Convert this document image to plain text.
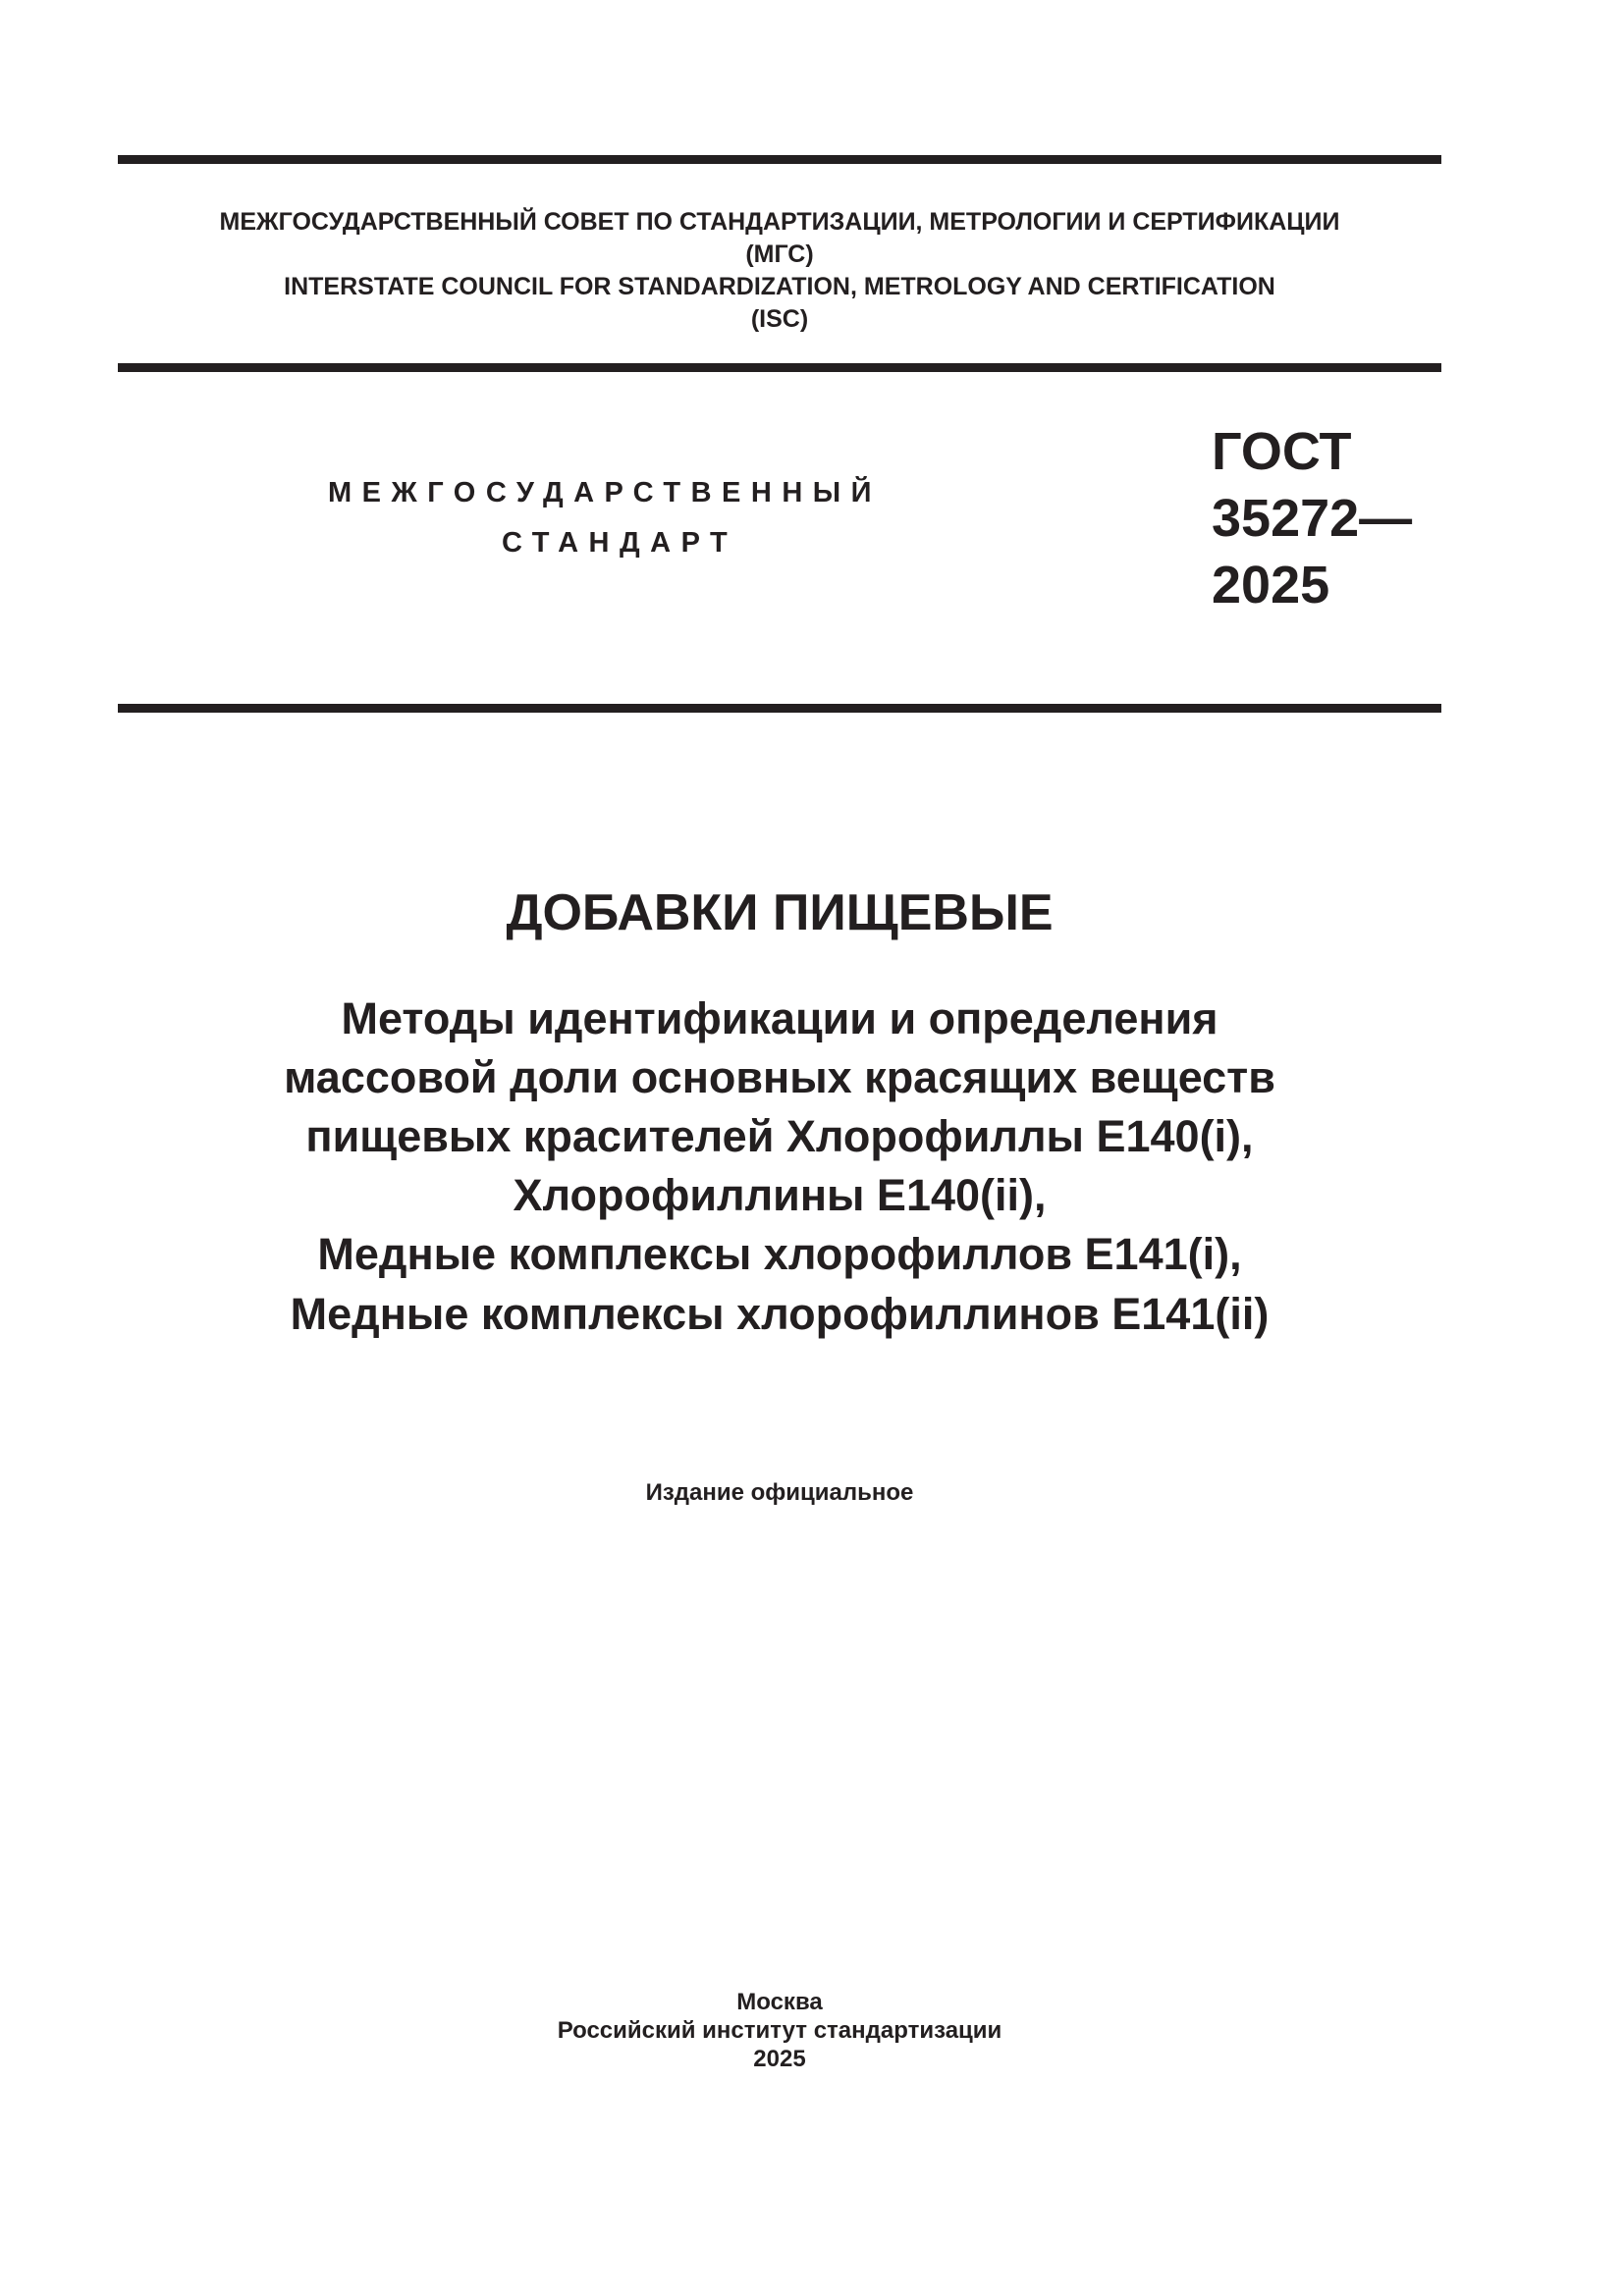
МЕЖГОСУДАРСТВЕННЫЙ СОВЕТ ПО СТАНДАРТИЗАЦИИ, МЕТРОЛОГИИ И СЕРТИФИКАЦИИ
(МГС)
INTERSTATE COUNCIL FOR STANDARDIZATION, METROLOGY AND CERTIFICATION
(ISC)
МЕЖГОСУДАРСТВЕННЫЙ
СТАНДАРТ
ГОСТ
35272—
2025
ДОБАВКИ ПИЩЕВЫЕ
Методы идентификации и определения
массовой доли основных красящих веществ
пищевых красителей Хлорофиллы Е140(i),
Хлорофиллины Е140(ii),
Медные комплексы хлорофиллов Е141(i),
Медные комплексы хлорофиллинов Е141(ii)
Издание официальное
Москва
Российский институт стандартизации
2025
